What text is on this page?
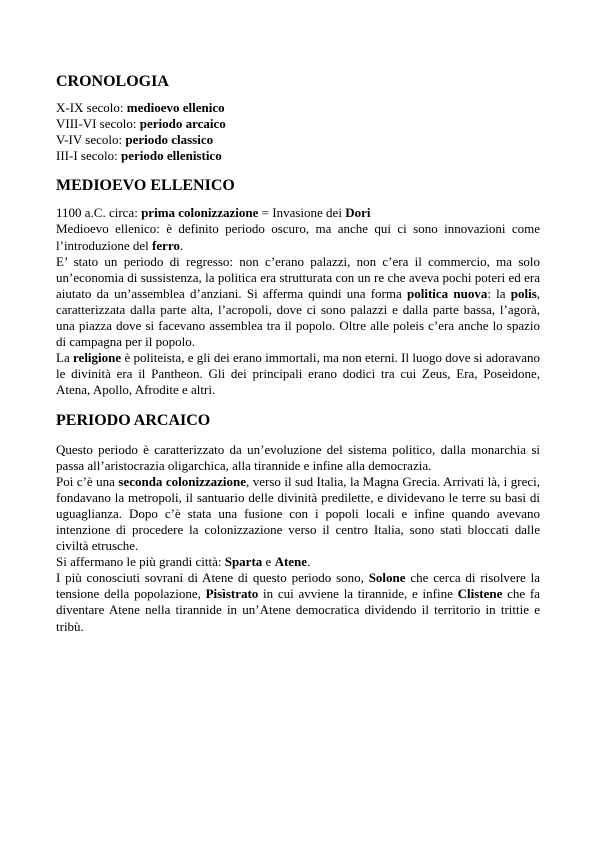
CRONOLOGIA
X-IX secolo: medioevo ellenico
VIII-VI secolo: periodo arcaico
V-IV secolo: periodo classico
III-I secolo: periodo ellenistico
MEDIOEVO ELLENICO

1100 a.C. circa: prima colonizzazione = Invasione dei Dori

Medioevo ellenico: è definito periodo oscuro, ma anche qui ci sono innovazioni come l’introduzione del ferro.

E’ stato un periodo di regresso: non c’erano palazzi, non c’era il commercio, ma solo un’economia di sussistenza, la politica era strutturata con un re che aveva pochi poteri ed era aiutato da un’assemblea d’anziani. Si afferma quindi una forma politica nuova: la polis, caratterizzata dalla parte alta, l’acropoli, dove ci sono palazzi e dalla parte bassa, l’agorà, una piazza dove si facevano assemblea tra il popolo. Oltre alle poleis c’era anche lo spazio di campagna per il popolo.

La religione è politeista, e gli dei erano immortali, ma non eterni. Il luogo dove si adoravano le divinità era il Pantheon. Gli dei principali erano dodici tra cui Zeus, Era, Poseidone, Atena, Apollo, Afrodite e altri.

PERIODO ARCAICO

Questo periodo è caratterizzato da un’evoluzione del sistema politico, dalla monarchia si passa all’aristocrazia oligarchica, alla tirannide e infine alla democrazia.

Poi c’è una seconda colonizzazione, verso il sud Italia, la Magna Grecia. Arrivati là, i greci, fondavano la metropoli, il santuario delle divinità predilette, e dividevano le terre su basi di uguaglianza. Dopo c’è stata una fusione con i popoli locali e infine quando avevano intenzione di procedere la colonizzazione verso il centro Italia, sono stati bloccati dalle civiltà etrusche.

Si affermano le più grandi città: Sparta e Atene.

I più conosciuti sovrani di Atene di questo periodo sono, Solone che cerca di risolvere la tensione della popolazione, Pisìstrato in cui avviene la tirannide, e infine Clistene che fa diventare Atene nella tirannide in un’Atene democratica dividendo il territorio in trittie e tribù.
